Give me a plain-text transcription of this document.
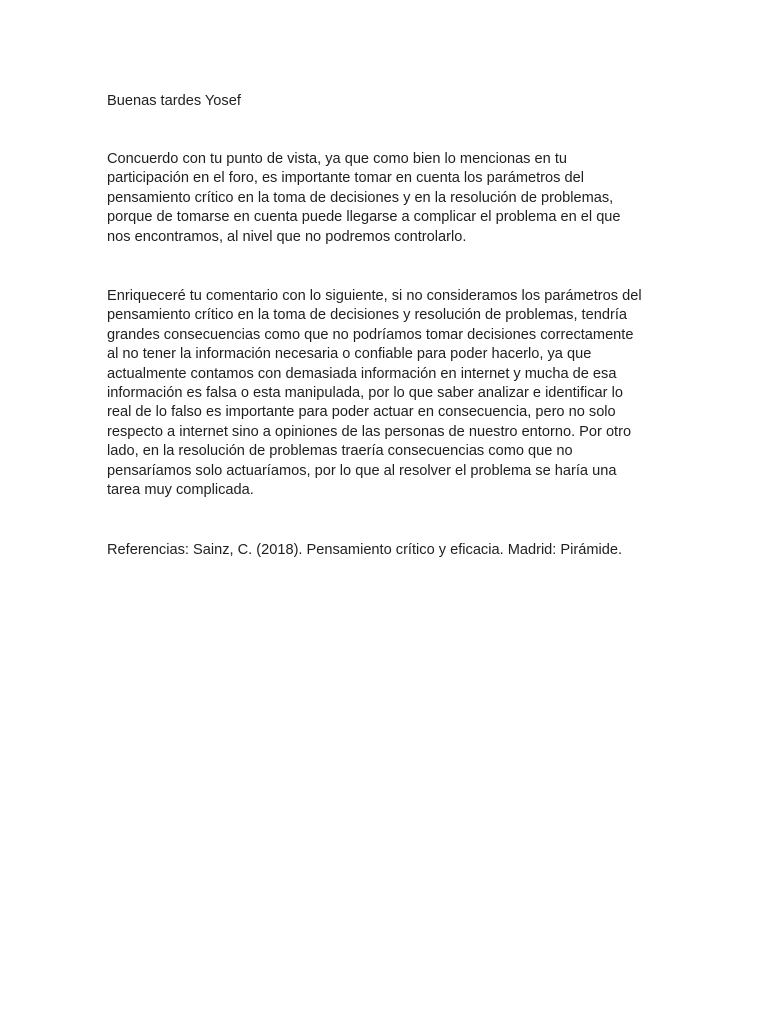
Buenas tardes Yosef

Concuerdo con tu punto de vista, ya que como bien lo mencionas en tu
participación en el foro, es importante tomar en cuenta los parámetros del
pensamiento crítico en la toma de decisiones y en la resolución de problemas,
porque de tomarse en cuenta puede llegarse a complicar el problema en el que
nos encontramos, al nivel que no podremos controlarlo.

Enriqueceré tu comentario con lo siguiente, si no consideramos los parámetros del
pensamiento crítico en la toma de decisiones y resolución de problemas, tendría
grandes consecuencias como que no podríamos tomar decisiones correctamente
al no tener la información necesaria o confiable para poder hacerlo, ya que
actualmente contamos con demasiada información en internet y mucha de esa
información es falsa o esta manipulada, por lo que saber analizar e identificar lo
real de lo falso es importante para poder actuar en consecuencia, pero no solo
respecto a internet sino a opiniones de las personas de nuestro entorno. Por otro
lado, en la resolución de problemas traería consecuencias como que no
pensaríamos solo actuaríamos, por lo que al resolver el problema se haría una
tarea muy complicada.

Referencias: Sainz, C. (2018). Pensamiento crítico y eficacia. Madrid: Pirámide.
